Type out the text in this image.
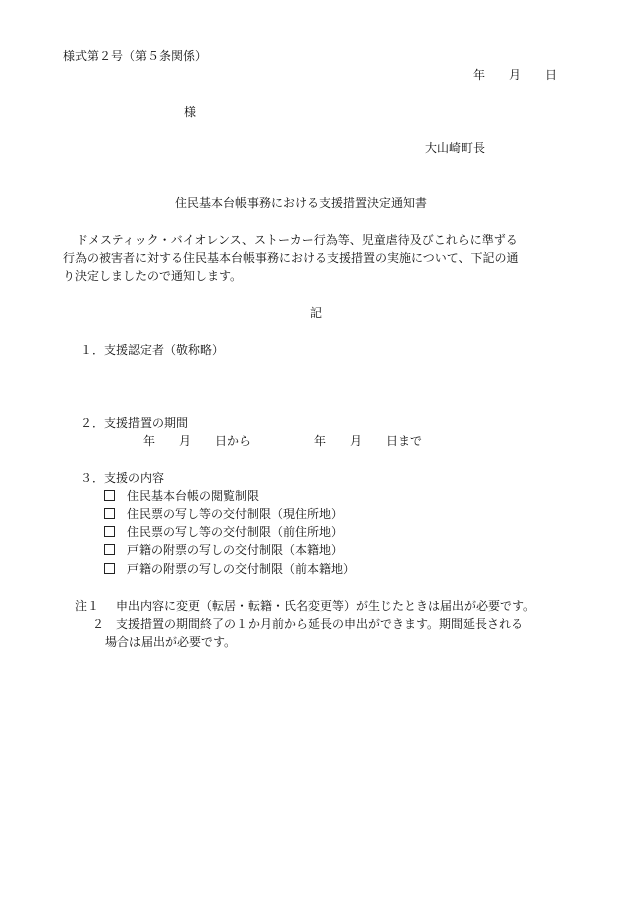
様式第２号（第５条関係）
年　　月　　日
様
大山崎町長
住民基本台帳事務における支援措置決定通知書
ドメスティック・バイオレンス、ストーカー行為等、児童虐待及びこれらに準ずる
行為の被害者に対する住民基本台帳事務における支援措置の実施について、下記の通
り決定しましたので通知します。
記
１． 支援認定者（敬称略）
２． 支援措置の期間
年　　月　　日から	年　　月　　日まで
３． 支援の内容
住民基本台帳の閲覧制限
住民票の写し等の交付制限（現住所地）
住民票の写し等の交付制限（前住所地）
戸籍の附票の写しの交付制限（本籍地）
戸籍の附票の写しの交付制限（前本籍地）
注１ 申出内容に変更（転居・転籍・氏名変更等）が生じたときは届出が必要です。
２ 支援措置の期間終了の１か月前から延長の申出ができます。期間延長される
場合は届出が必要です。
